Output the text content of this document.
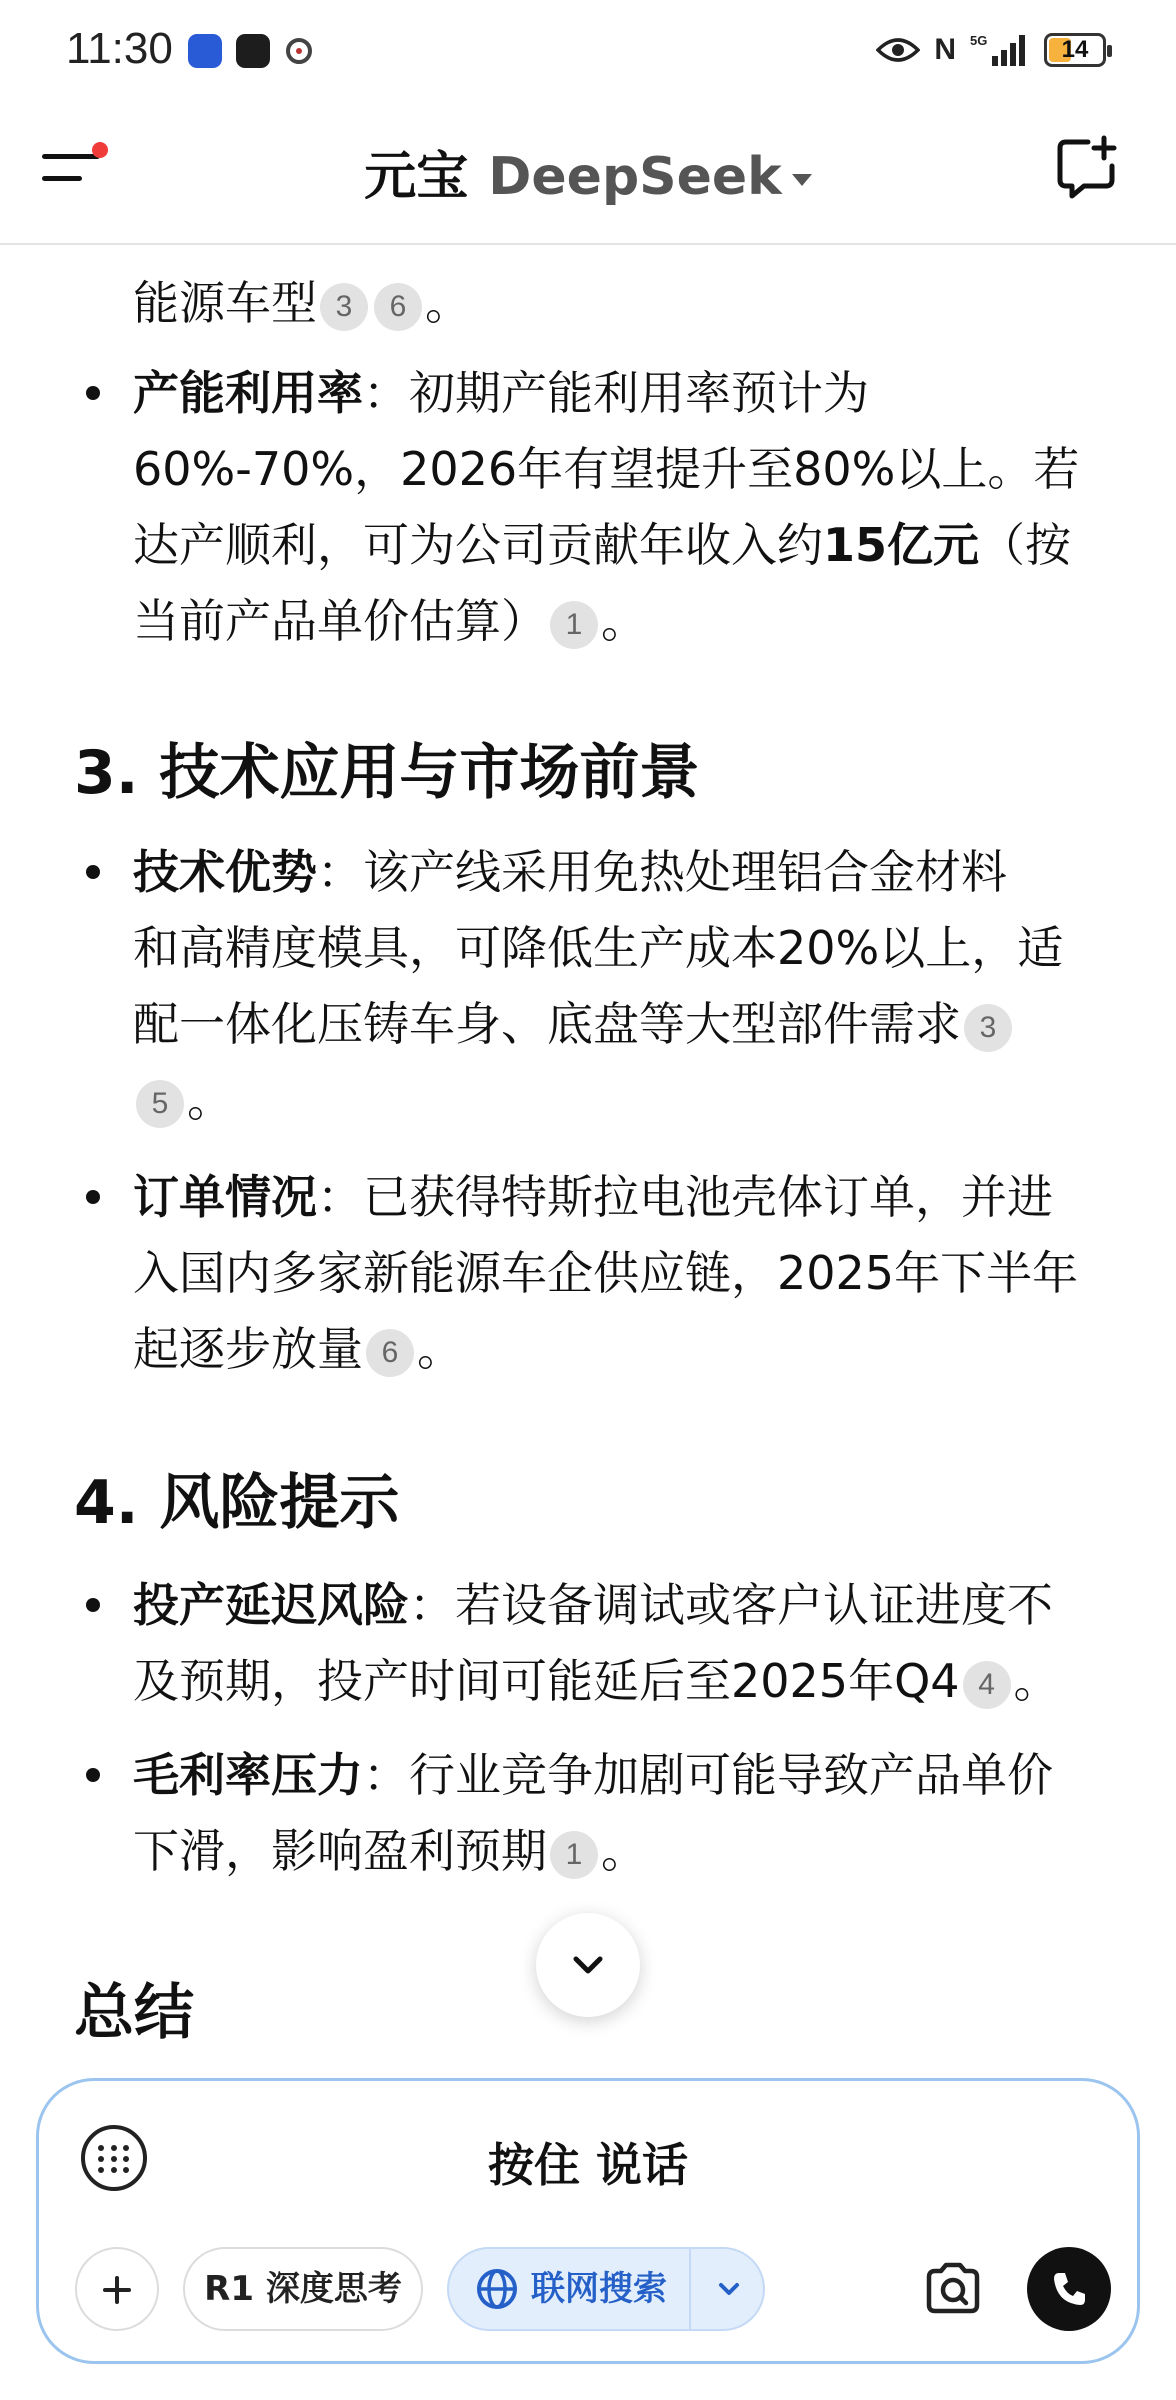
11:30	Ν 5G	14
元宝 DeepSeek
能源车型 3 6 。
产能利用率：初期产能利用率预计为
60%-70%，2026年有望提升至80%以上。若
达产顺利，可为公司贡献年收入约15亿元（按
当前产品单价估算） 1 。
3. 技术应用与市场前景
技术优势：该产线采用免热处理铝合金材料
和高精度模具，可降低生产成本20%以上，适
配一体化压铸车身、底盘等大型部件需求 3
5 。
订单情况：已获得特斯拉电池壳体订单，并进
入国内多家新能源车企供应链，2025年下半年
起逐步放量 6 。
4. 风险提示
投产延迟风险：若设备调试或客户认证进度不
及预期，投产时间可能延后至2025年Q4 4 。
毛利率压力：行业竞争加剧可能导致产品单价
下滑，影响盈利预期 1 。
总结
按住 说话
R1 深度思考	联网搜索
